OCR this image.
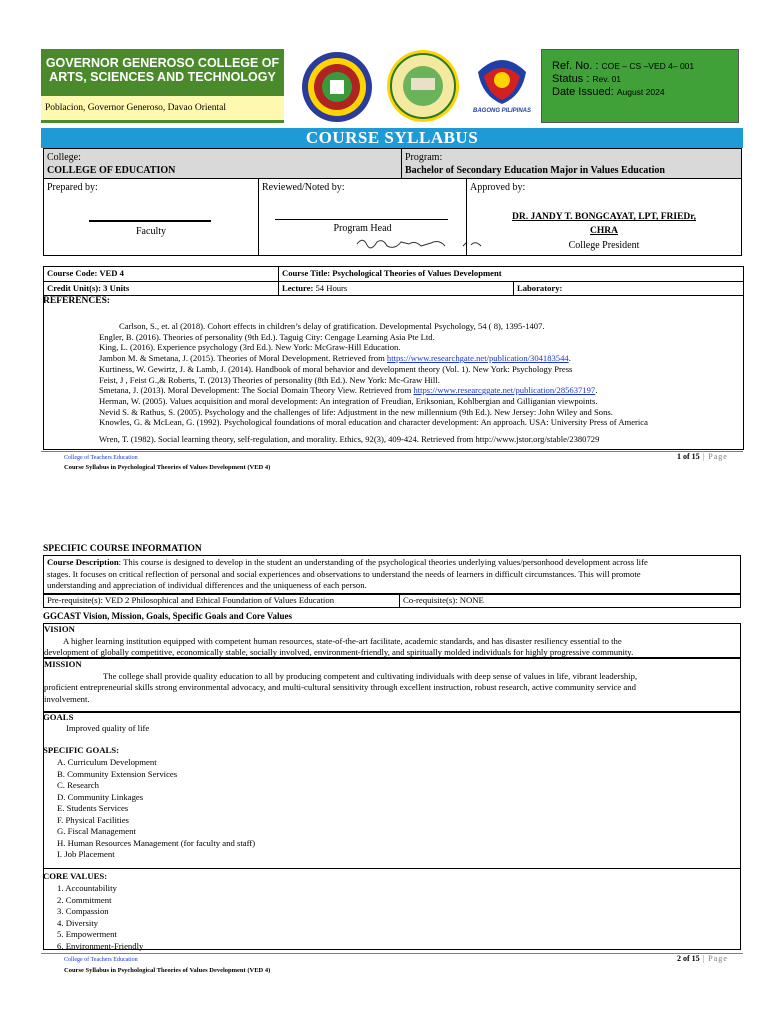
GOVERNOR GENEROSO COLLEGE OF ARTS, SCIENCES AND TECHNOLOGY
Poblacion, Governor Generoso, Davao Oriental	BAGONG PILIPINAS
Ref. No. : COE – CS –VED 4– 001
Status : Rev. 01
Date Issued: August 2024
COURSE SYLLABUS
College:
COLLEGE OF EDUCATION
Program:
Bachelor of Secondary Education Major in Values Education
Prepared by:
Faculty
Reviewed/Noted by:
Program Head
Approved by:
DR. JANDY T. BONGCAYAT, LPT, FRIEDr,
CHRA
College President
Course Code: VED 4	Course Title: Psychological Theories of Values Development
Credit Unit(s): 3 Units	Lecture: 54 Hours	Laboratory:
REFERENCES:
Carlson, S., et. al (2018). Cohort effects in children’s delay of gratification. Developmental Psychology, 54 ( 8), 1395-1407.
Engler, B. (2016). Theories of personality (9th Ed.). Taguig City: Cengage Learning Asia Pte Ltd.
King, L. (2016). Experience psychology (3rd Ed.). New York: McGraw-Hill Education.
Jambon M. & Smetana, J. (2015). Theories of Moral Development. Retrieved from https://www.researchgate.net/publication/304183544.
Kurtiness, W. Gewirtz, J. & Lamb, J. (2014). Handbook of moral behavior and development theory (Vol. 1). New York: Psychology Press
Feist, J , Feist G.,& Roberts, T. (2013) Theories of personality (8th Ed.). New York: Mc-Graw Hill.
Smetana, J. (2013). Moral Development: The Social Domain Theory View. Retrieved from https://www.researcggate.net/publication/285637197.
Herman, W. (2005). Values acquisition and moral development: An integration of Freudian, Eriksonian, Kohlbergian and Gilliganian viewpoints.
Nevid S. & Rathus, S. (2005). Psychology and the challenges of life: Adjustment in the new millennium (9th Ed.). New Jersey: John Wiley and Sons.
Knowles, G. & McLean, G. (1992). Psychological foundations of moral education and character development: An approach. USA: University Press of America
Wren, T. (1982). Social learning theory, self-regulation, and morality. Ethics, 92(3), 409-424. Retrieved from http://www.jstor.org/stable/2380729
College of Teachers Education
Course Syllabus in Psychological Theories of Values Development (VED 4)
1 of 15 | Page
SPECIFIC COURSE INFORMATION
Course Description: This course is designed to develop in the student an understanding of the psychological theories underlying values/personhood development across life
stages. It focuses on critical reflection of personal and social experiences and observations to understand the needs of learners in difficult circumstances. This will promote
understanding and appreciation of individual differences and the uniqueness of each person.
Pre-requisite(s): VED 2 Philosophical and Ethical Foundation of Values Education	Co-requisite(s): NONE
GGCAST Vision, Mission, Goals, Specific Goals and Core Values
VISION
A higher learning institution equipped with competent human resources, state-of-the-art facilitate, academic standards, and has disaster resiliency essential to the
development of globally competitive, economically stable, socially involved, environment-friendly, and spiritually molded individuals for highly progressive community.
MISSION
The college shall provide quality education to all by producing competent and cultivating individuals with deep sense of values in life, vibrant leadership,
proficient entrepreneurial skills strong environmental advocacy, and multi-cultural sensitivity through excellent instruction, robust research, active community service and
involvement.
GOALS
Improved quality of life
SPECIFIC GOALS:
A. Curriculum Development
B. Community Extension Services
C. Research
D. Community Linkages
E. Students Services
F. Physical Facilities
G. Fiscal Management
H. Human Resources Management (for faculty and staff)
I. Job Placement
CORE VALUES:
1. Accountability
2. Commitment
3. Compassion
4. Diversity
5. Empowerment
6. Environment-Friendly
College of Teachers Education
Course Syllabus in Psychological Theories of Values Development (VED 4)
2 of 15 | Page
